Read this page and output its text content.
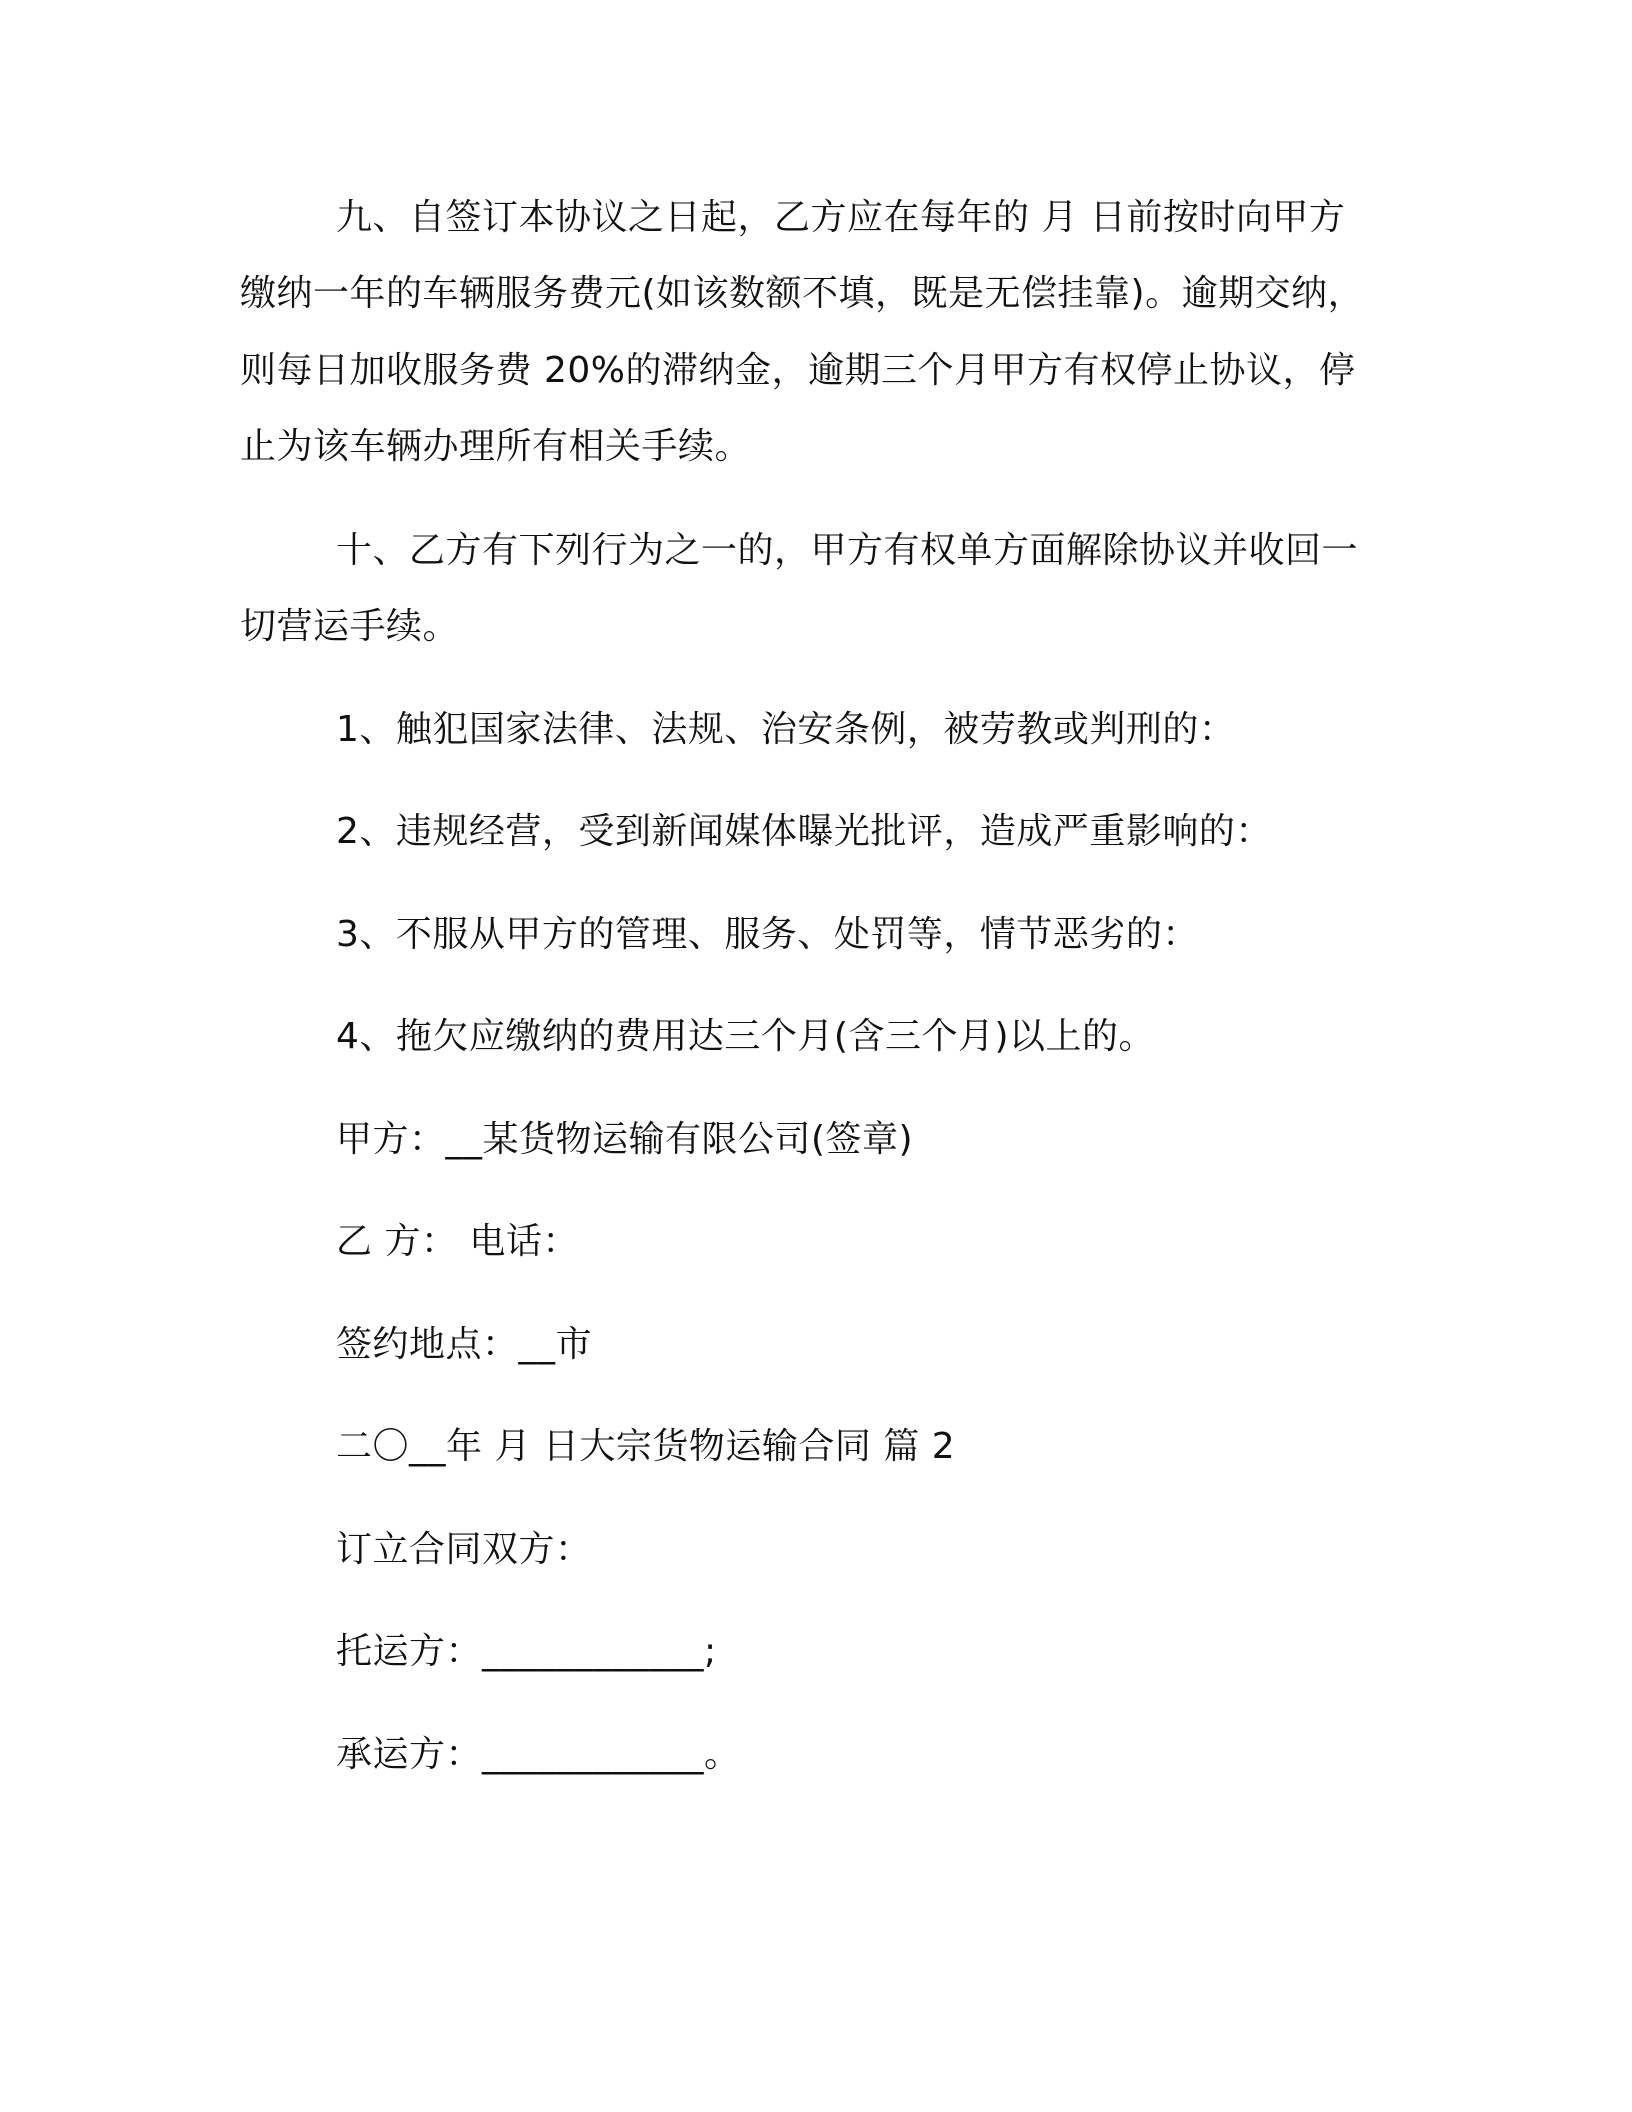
九、自签订本协议之日起，乙方应在每年的 月 日前按时向甲方
缴纳一年的车辆服务费元(如该数额不填，既是无偿挂靠)。逾期交纳，
则每日加收服务费 20%的滞纳金，逾期三个月甲方有权停止协议，停
止为该车辆办理所有相关手续。
十、乙方有下列行为之一的，甲方有权单方面解除协议并收回一
切营运手续。
1、触犯国家法律、法规、治安条例，被劳教或判刑的：
2、违规经营，受到新闻媒体曝光批评，造成严重影响的：
3、不服从甲方的管理、服务、处罚等，情节恶劣的：
4、拖欠应缴纳的费用达三个月(含三个月)以上的。
甲方：__某货物运输有限公司(签章)
乙 方： 电话：
签约地点：__市
二〇__年 月 日大宗货物运输合同 篇 2
订立合同双方：
托运方：____________;
承运方：____________。
